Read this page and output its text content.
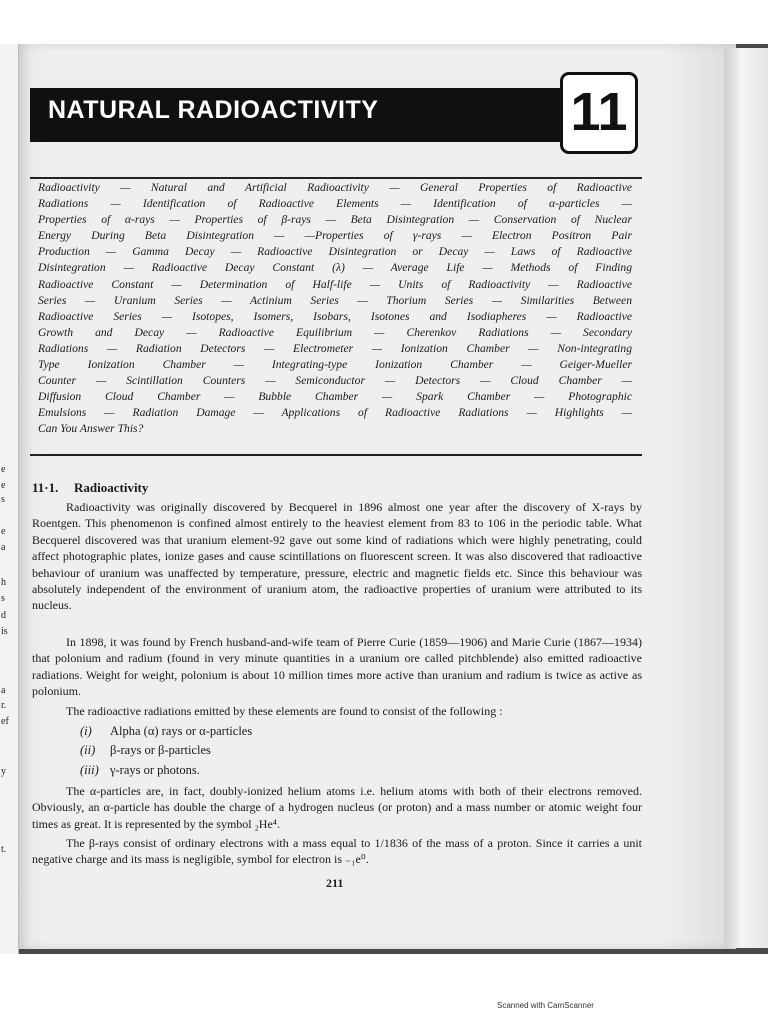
e
e
s
e
a
h
s
d
is
a
r.
ef
y
t.
NATURAL RADIOACTIVITY	11
Radioactivity — Natural and Artificial Radioactivity — General Properties of Radioactive
Radiations — Identification of Radioactive Elements — Identification of α-particles —
Properties of α-rays — Properties of β-rays — Beta Disintegration — Conservation of Nuclear
Energy During Beta Disintegration — —Properties of γ-rays — Electron Positron Pair
Production — Gamma Decay — Radioactive Disintegration or Decay — Laws of Radioactive
Disintegration — Radioactive Decay Constant (λ) — Average Life — Methods of Finding
Radioactive Constant — Determination of Half-life — Units of Radioactivity — Radioactive
Series — Uranium Series — Actinium Series — Thorium Series — Similarities Between
Radioactive Series — Isotopes, Isomers, Isobars, Isotones and Isodiapheres — Radioactive
Growth and Decay — Radioactive Equilibrium — Cherenkov Radiations — Secondary
Radiations — Radiation Detectors — Electrometer — Ionization Chamber — Non-integrating
Type Ionization Chamber — Integrating-type Ionization Chamber — Geiger-Mueller
Counter — Scintillation Counters — Semiconductor — Detectors — Cloud Chamber —
Diffusion Cloud Chamber — Bubble Chamber — Spark Chamber — Photographic
Emulsions — Radiation Damage — Applications of Radioactive Radiations — Highlights —
Can You Answer This?
11·1. Radioactivity
Radioactivity was originally discovered by Becquerel in 1896 almost one year after the discovery of X-rays by Roentgen. This phenomenon is confined almost entirely to the heaviest element from 83 to 106 in the periodic table. What Becquerel discovered was that uranium element-92 gave out some kind of radiations which were highly penetrating, could affect photographic plates, ionize gases and cause scintillations on fluorescent screen. It was also discovered that radioactive behaviour of uranium was unaffected by temperature, pressure, electric and magnetic fields etc. Since this behaviour was absolutely independent of the environment of uranium atom, the radioactive properties of uranium were attributed to its nucleus.
In 1898, it was found by French husband-and-wife team of Pierre Curie (1859—1906) and Marie Curie (1867—1934) that polonium and radium (found in very minute quantities in a uranium ore called pitchblende) also emitted radioactive radiations. Weight for weight, polonium is about 10 million times more active than uranium and radium is twice as active as polonium.
The radioactive radiations emitted by these elements are found to consist of the following :
(i) Alpha (α) rays or α-particles
(ii) β-rays or β-particles
(iii) γ-rays or photons.
The α-particles are, in fact, doubly-ionized helium atoms i.e. helium atoms with both of their electrons removed. Obviously, an α-particle has double the charge of a hydrogen nucleus (or proton) and a mass number or atomic weight four times as great. It is represented by the symbol ₂He⁴.
The β-rays consist of ordinary electrons with a mass equal to 1/1836 of the mass of a proton. Since it carries a unit negative charge and its mass is negligible, symbol for electron is ₋₁e⁰.
211
Scanned with CamScanner
